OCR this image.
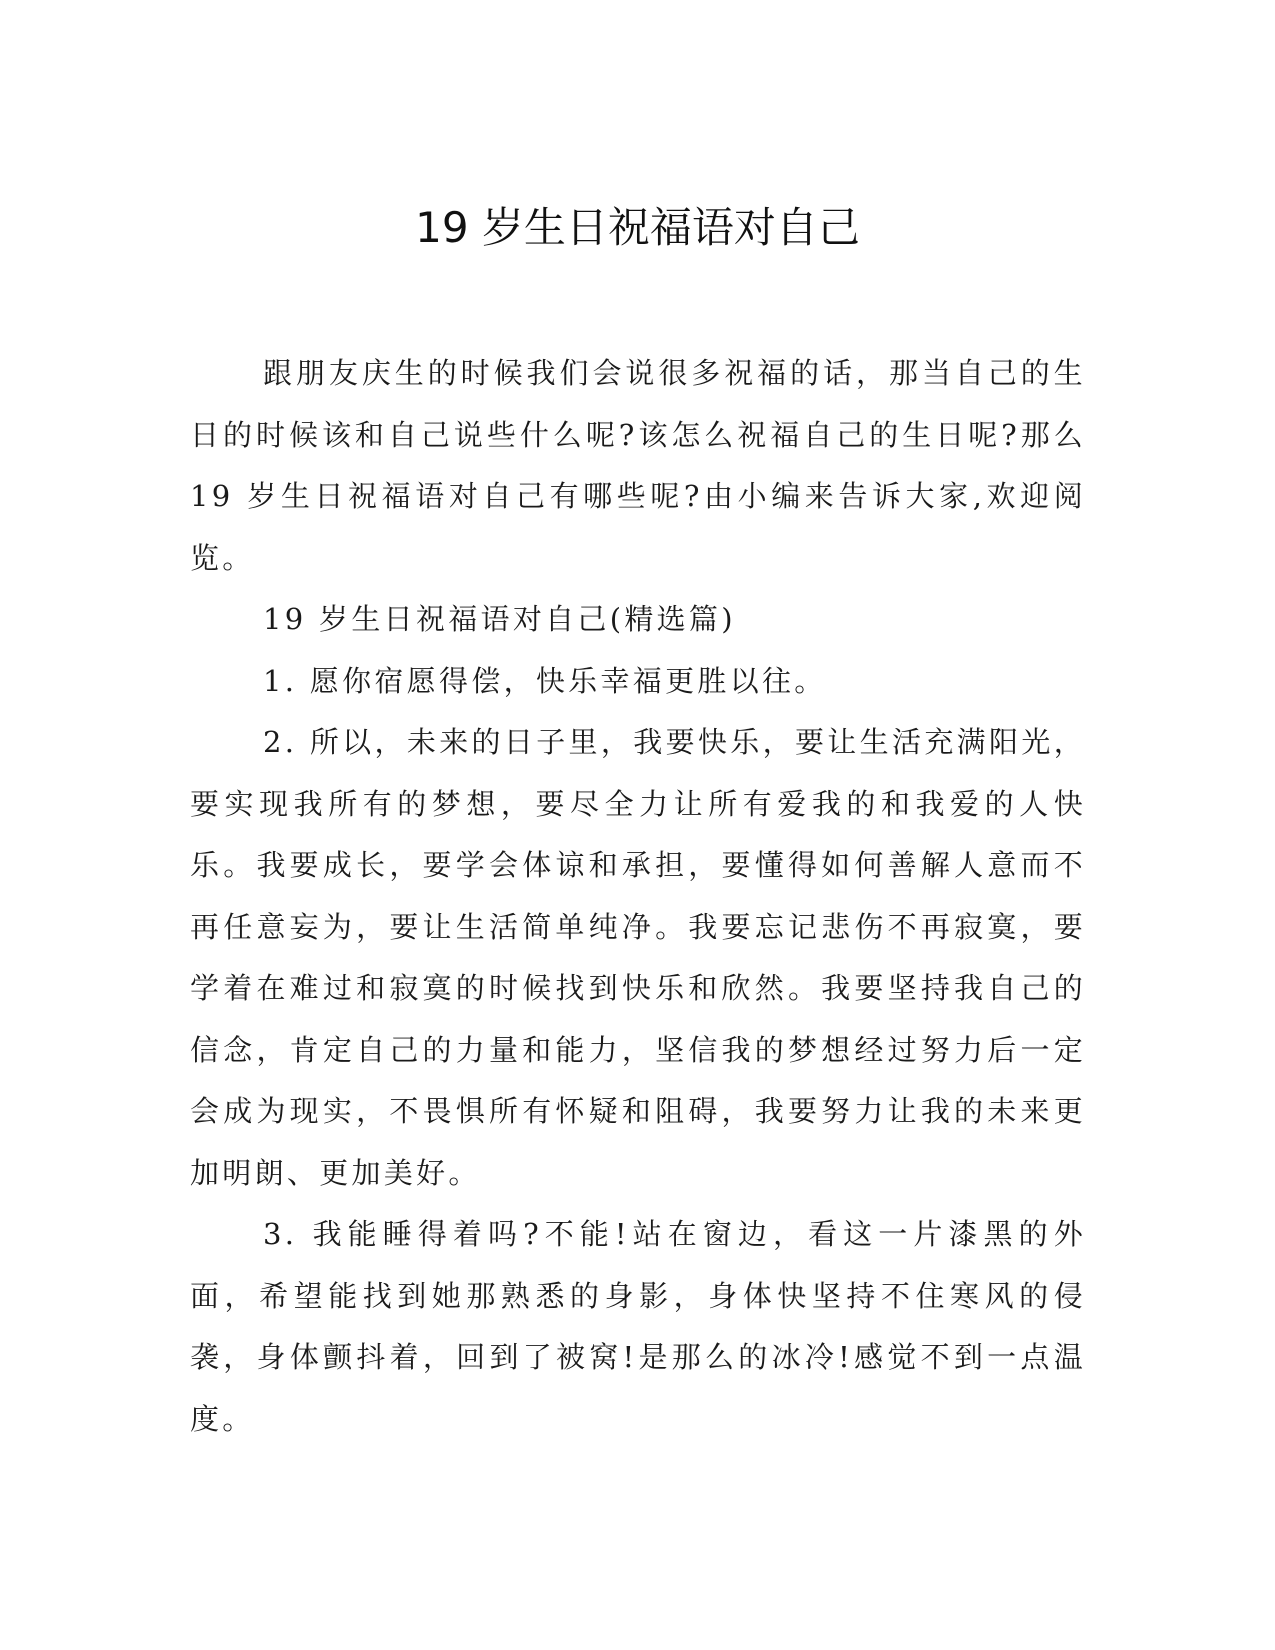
19 岁生日祝福语对自己

跟朋友庆生的时候我们会说很多祝福的话，那当自己的生日的时候该和自己说些什么呢?该怎么祝福自己的生日呢?那么 19 岁生日祝福语对自己有哪些呢?由小编来告诉大家,欢迎阅览。

19 岁生日祝福语对自己(精选篇)

1. 愿你宿愿得偿，快乐幸福更胜以往。

2. 所以，未来的日子里，我要快乐，要让生活充满阳光，要实现我所有的梦想，要尽全力让所有爱我的和我爱的人快乐。我要成长，要学会体谅和承担，要懂得如何善解人意而不再任意妄为，要让生活简单纯净。我要忘记悲伤不再寂寞，要学着在难过和寂寞的时候找到快乐和欣然。我要坚持我自己的信念，肯定自己的力量和能力，坚信我的梦想经过努力后一定会成为现实，不畏惧所有怀疑和阻碍，我要努力让我的未来更加明朗、更加美好。

3. 我能睡得着吗?不能!站在窗边，看这一片漆黑的外面，希望能找到她那熟悉的身影，身体快坚持不住寒风的侵袭，身体颤抖着，回到了被窝!是那么的冰冷!感觉不到一点温度。
